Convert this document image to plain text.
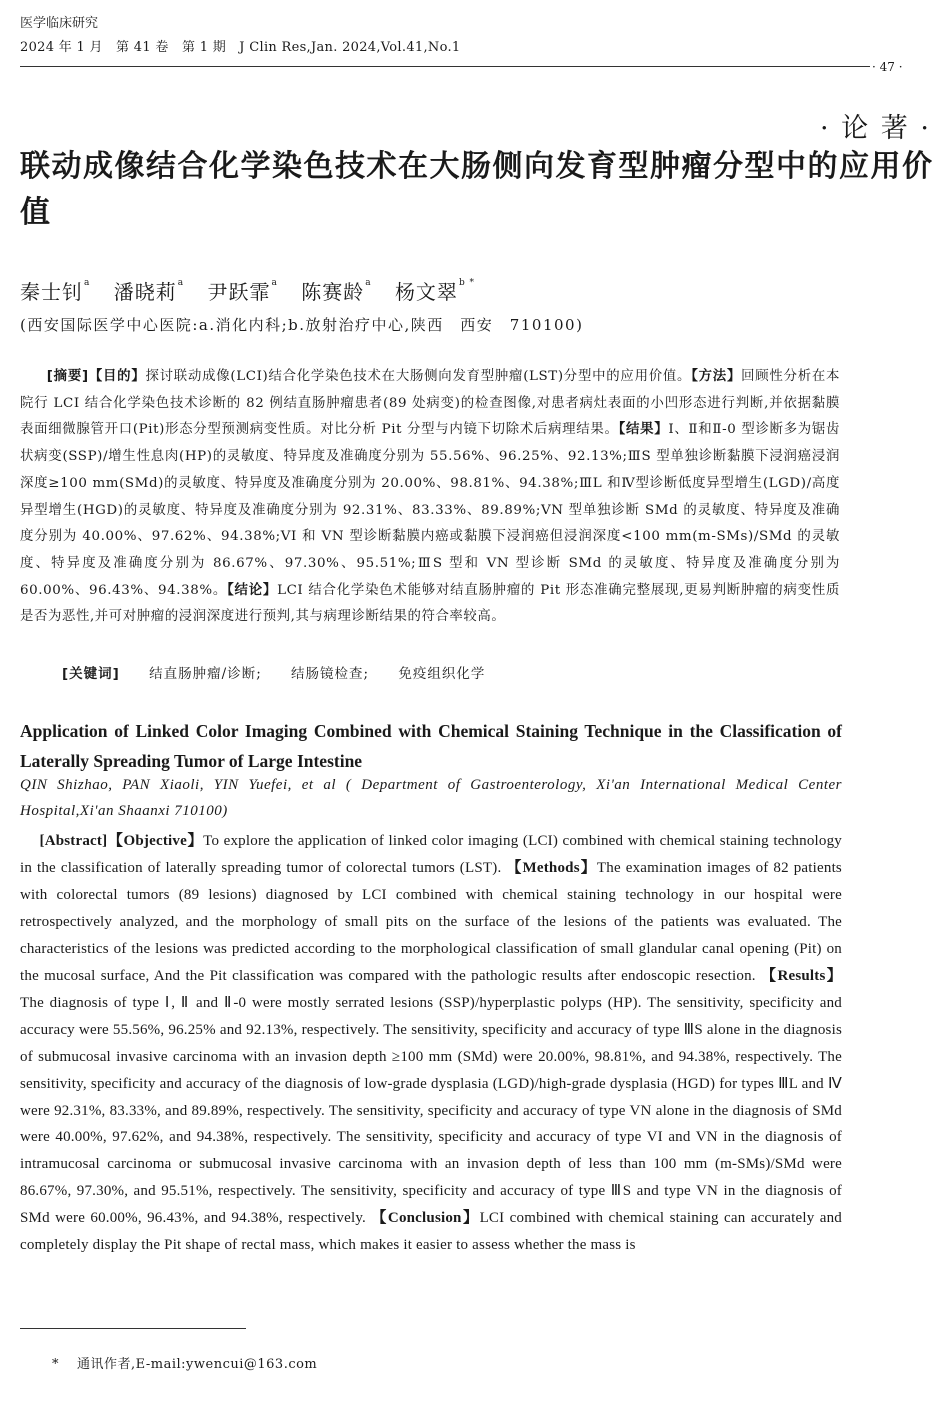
医学临床研究
2024 年 1 月　第 41 卷　第 1 期　J Clin Res,Jan. 2024,Vol.41,No.1
· 47 ·
· 论 著 ·
联动成像结合化学染色技术在大肠侧向发育型肿瘤分型中的应用价值
秦士钊$^a$ 潘晓莉$^a$ 尹跃霏$^a$ 陈赛龄$^a$ 杨文翠$^{b *}$
(西安国际医学中心医院:a.消化内科;b.放射治疗中心,陕西　西安　710100)
[摘要]【目的】探讨联动成像(LCI)结合化学染色技术在大肠侧向发育型肿瘤(LST)分型中的应用价值。【方法】回顾性分析在本院行 LCI 结合化学染色技术诊断的 82 例结直肠肿瘤患者(89 处病变)的检查图像,对患者病灶表面的小凹形态进行判断,并依据黏膜表面细微腺管开口(Pit)形态分型预测病变性质。对比分析 Pit 分型与内镜下切除术后病理结果。【结果】Ⅰ、Ⅱ和Ⅱ-0 型诊断多为锯齿状病变(SSP)/增生性息肉(HP)的灵敏度、特异度及准确度分别为 55.56%、96.25%、92.13%;ⅢS 型单独诊断黏膜下浸润癌浸润深度≥100 mm(SMd)的灵敏度、特异度及准确度分别为 20.00%、98.81%、94.38%;ⅢL 和Ⅳ型诊断低度异型增生(LGD)/高度异型增生(HGD)的灵敏度、特异度及准确度分别为 92.31%、83.33%、89.89%;VN 型单独诊断 SMd 的灵敏度、特异度及准确度分别为 40.00%、97.62%、94.38%;VI 和 VN 型诊断黏膜内癌或黏膜下浸润癌但浸润深度<100 mm(m-SMs)/SMd 的灵敏度、特异度及准确度分别为 86.67%、97.30%、95.51%;ⅢS 型和 VN 型诊断 SMd 的灵敏度、特异度及准确度分别为 60.00%、96.43%、94.38%。【结论】LCI 结合化学染色术能够对结直肠肿瘤的 Pit 形态准确完整展现,更易判断肿瘤的病变性质是否为恶性,并可对肿瘤的浸润深度进行预判,其与病理诊断结果的符合率较高。
[关键词] 结直肠肿瘤/诊断; 结肠镜检查; 免疫组织化学
Application of Linked Color Imaging Combined with Chemical Staining Technique in the Classification of Laterally Spreading Tumor of Large Intestine
QIN Shizhao, PAN Xiaoli, YIN Yuefei, et al ( Department of Gastroenterology, Xi'an International Medical Center Hospital,Xi'an Shaanxi 710100)
[Abstract]【Objective】To explore the application of linked color imaging (LCI) combined with chemical staining technology in the classification of laterally spreading tumor of colorectal tumors (LST). 【Methods】The examination images of 82 patients with colorectal tumors (89 lesions) diagnosed by LCI combined with chemical staining technology in our hospital were retrospectively analyzed, and the morphology of small pits on the surface of the lesions of the patients was evaluated. The characteristics of the lesions was predicted according to the morphological classification of small glandular canal opening (Pit) on the mucosal surface, And the Pit classification was compared with the pathologic results after endoscopic resection. 【Results】The diagnosis of type Ⅰ, Ⅱ and Ⅱ-0 were mostly serrated lesions (SSP)/hyperplastic polyps (HP). The sensitivity, specificity and accuracy were 55.56%, 96.25% and 92.13%, respectively. The sensitivity, specificity and accuracy of type ⅢS alone in the diagnosis of submucosal invasive carcinoma with an invasion depth ≥100 mm (SMd) were 20.00%, 98.81%, and 94.38%, respectively. The sensitivity, specificity and accuracy of the diagnosis of low-grade dysplasia (LGD)/high-grade dysplasia (HGD) for types ⅢL and Ⅳ were 92.31%, 83.33%, and 89.89%, respectively. The sensitivity, specificity and accuracy of type VN alone in the diagnosis of SMd were 40.00%, 97.62%, and 94.38%, respectively. The sensitivity, specificity and accuracy of type VI and VN in the diagnosis of intramucosal carcinoma or submucosal invasive carcinoma with an invasion depth of less than 100 mm (m-SMs)/SMd were 86.67%, 97.30%, and 95.51%, respectively. The sensitivity, specificity and accuracy of type ⅢS and type VN in the diagnosis of SMd were 60.00%, 96.43%, and 94.38%, respectively. 【Conclusion】LCI combined with chemical staining can accurately and completely display the Pit shape of rectal mass, which makes it easier to assess whether the mass is
* 通讯作者,E-mail:ywencui@163.com
